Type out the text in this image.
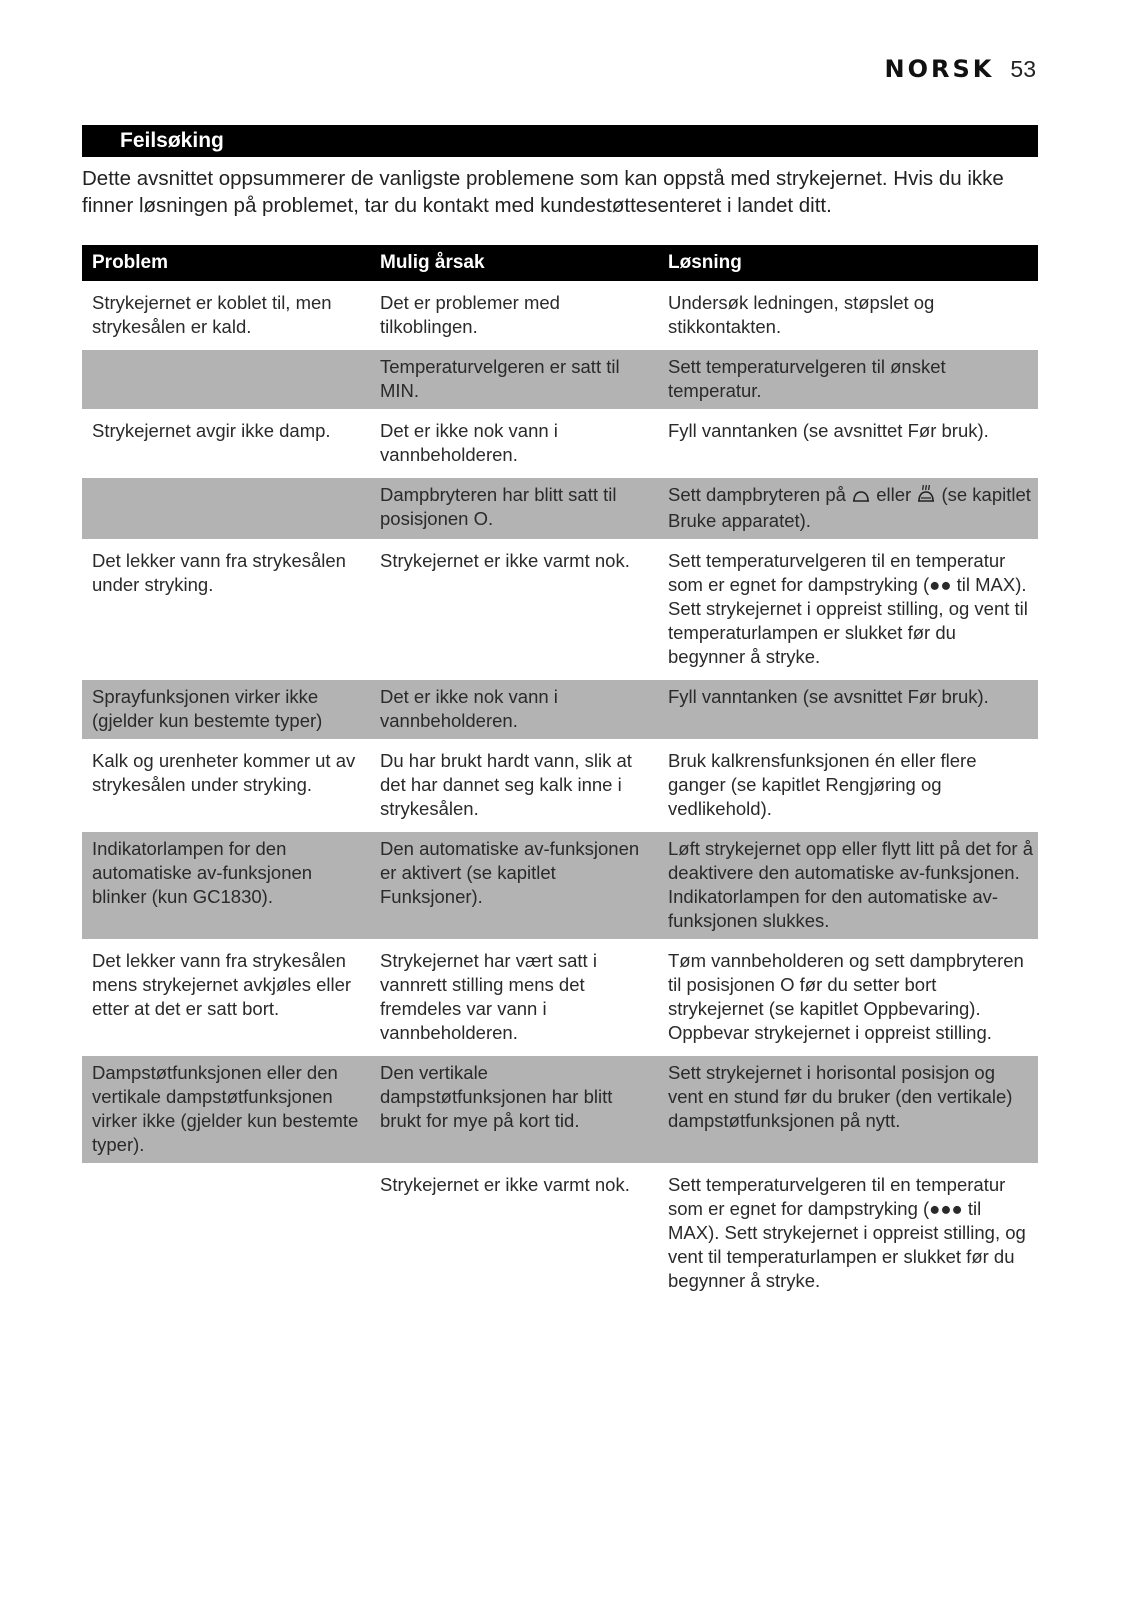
NORSK 53
Feilsøking

Dette avsnittet oppsummerer de vanligste problemene som kan oppstå med strykejernet. Hvis du ikke finner løsningen på problemet, tar du kontakt med kundestøttesenteret i landet ditt.

Problem	Mulig årsak	Løsning
Strykejernet er koblet til, men strykesålen er kald.	Det er problemer med tilkoblingen.	Undersøk ledningen, støpslet og stikkontakten.
	Temperaturvelgeren er satt til MIN.	Sett temperaturvelgeren til ønsket temperatur.
Strykejernet avgir ikke damp.	Det er ikke nok vann i vannbeholderen.	Fyll vanntanken (se avsnittet Før bruk).
	Dampbryteren har blitt satt til posisjonen O.	Sett dampbryteren på eller (se kapitlet Bruke apparatet).
Det lekker vann fra strykesålen under stryking.	Strykejernet er ikke varmt nok.	Sett temperaturvelgeren til en temperatur som er egnet for dampstryking (●● til MAX). Sett strykejernet i oppreist stilling, og vent til temperaturlampen er slukket før du begynner å stryke.
Sprayfunksjonen virker ikke (gjelder kun bestemte typer)	Det er ikke nok vann i vannbeholderen.	Fyll vanntanken (se avsnittet Før bruk).
Kalk og urenheter kommer ut av strykesålen under stryking.	Du har brukt hardt vann, slik at det har dannet seg kalk inne i strykesålen.	Bruk kalkrensfunksjonen én eller flere ganger (se kapitlet Rengjøring og vedlikehold).
Indikatorlampen for den automatiske av-funksjonen blinker (kun GC1830).	Den automatiske av-funksjonen er aktivert (se kapitlet Funksjoner).	Løft strykejernet opp eller flytt litt på det for å deaktivere den automatiske av-funksjonen. Indikatorlampen for den automatiske av-funksjonen slukkes.
Det lekker vann fra strykesålen mens strykejernet avkjøles eller etter at det er satt bort.	Strykejernet har vært satt i vannrett stilling mens det fremdeles var vann i vannbeholderen.	Tøm vannbeholderen og sett dampbryteren til posisjonen O før du setter bort strykejernet (se kapitlet Oppbevaring). Oppbevar strykejernet i oppreist stilling.
Dampstøtfunksjonen eller den vertikale dampstøtfunksjonen virker ikke (gjelder kun bestemte typer).	Den vertikale dampstøtfunksjonen har blitt brukt for mye på kort tid.	Sett strykejernet i horisontal posisjon og vent en stund før du bruker (den vertikale) dampstøtfunksjonen på nytt.
	Strykejernet er ikke varmt nok.	Sett temperaturvelgeren til en temperatur som er egnet for dampstryking (●●● til MAX). Sett strykejernet i oppreist stilling, og vent til temperaturlampen er slukket før du begynner å stryke.
